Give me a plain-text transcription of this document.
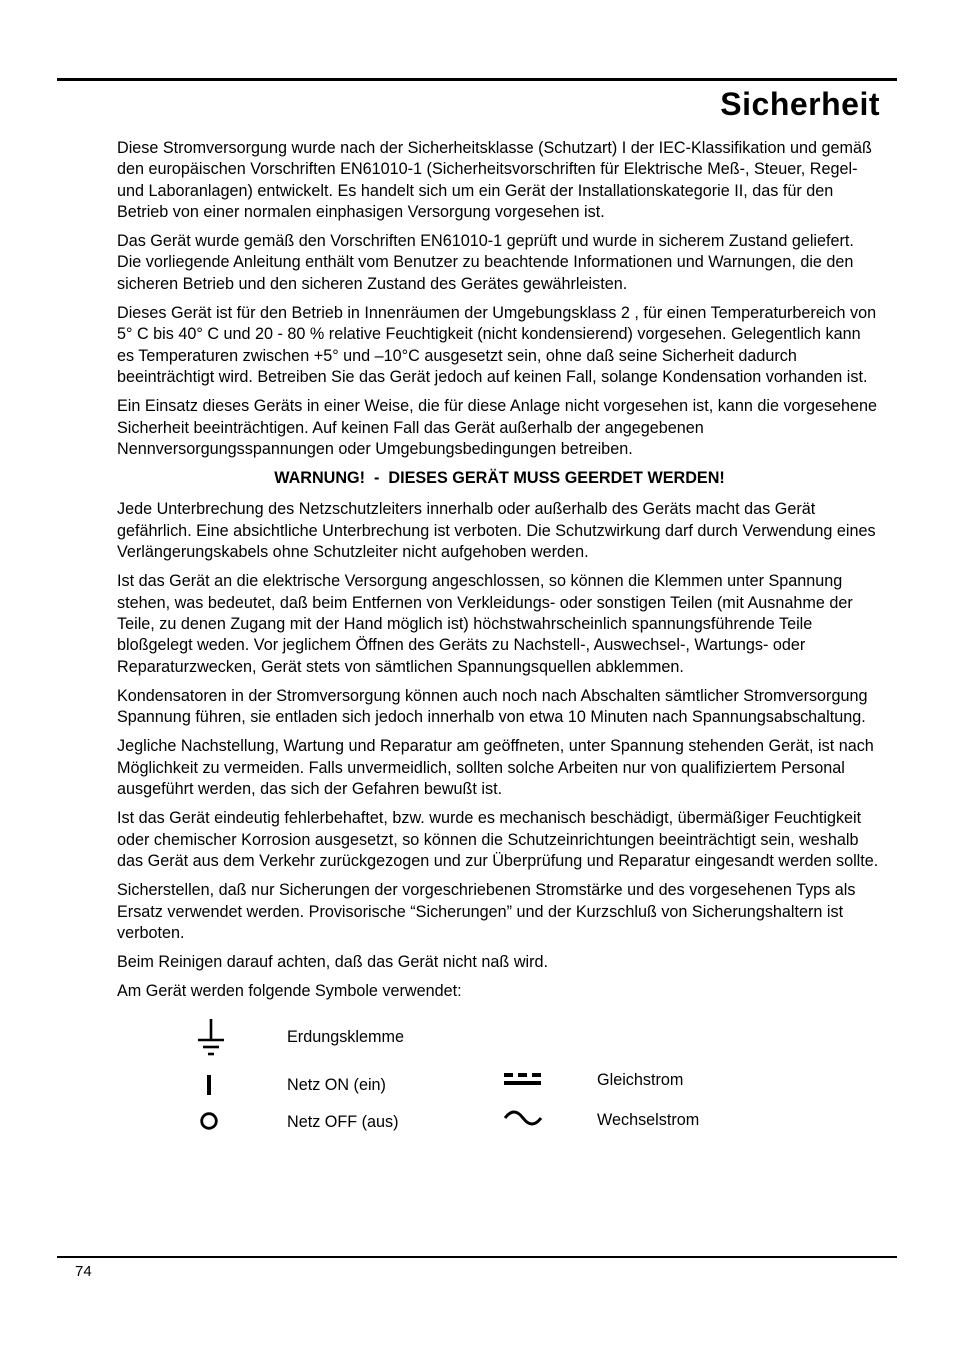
Sicherheit

Diese Stromversorgung wurde nach der Sicherheitsklasse (Schutzart) I der IEC-Klassifikation und gemäß den europäischen Vorschriften EN61010-1 (Sicherheitsvorschriften für Elektrische Meß-, Steuer, Regel- und Laboranlagen) entwickelt. Es handelt sich um ein Gerät der Installationskategorie II, das für den Betrieb von einer normalen einphasigen Versorgung vorgesehen ist.

Das Gerät wurde gemäß den Vorschriften EN61010-1 geprüft und wurde in sicherem Zustand geliefert. Die vorliegende Anleitung enthält vom Benutzer zu beachtende Informationen und Warnungen, die den sicheren Betrieb und den sicheren Zustand des Gerätes gewährleisten.

Dieses Gerät ist für den Betrieb in Innenräumen der Umgebungsklass 2 , für einen Temperaturbereich von 5° C bis 40° C und 20 - 80 % relative Feuchtigkeit (nicht kondensierend) vorgesehen. Gelegentlich kann es Temperaturen zwischen +5° und –10°C ausgesetzt sein, ohne daß seine Sicherheit dadurch beeinträchtigt wird. Betreiben Sie das Gerät jedoch auf keinen Fall, solange Kondensation vorhanden ist.

Ein Einsatz dieses Geräts in einer Weise, die für diese Anlage nicht vorgesehen ist, kann die vorgesehene Sicherheit beeinträchtigen. Auf keinen Fall das Gerät außerhalb der angegebenen Nennversorgungsspannungen oder Umgebungsbedingungen betreiben.

WARNUNG!  -  DIESES GERÄT MUSS GEERDET WERDEN!

Jede Unterbrechung des Netzschutzleiters innerhalb oder außerhalb des Geräts macht das Gerät gefährlich. Eine absichtliche Unterbrechung ist verboten. Die Schutzwirkung darf durch Verwendung eines Verlängerungskabels ohne Schutzleiter nicht aufgehoben werden.

Ist das Gerät an die elektrische Versorgung angeschlossen, so können die Klemmen unter Spannung stehen, was bedeutet, daß beim Entfernen von Verkleidungs- oder sonstigen Teilen (mit Ausnahme der Teile, zu denen Zugang mit der Hand möglich ist) höchstwahrscheinlich spannungsführende Teile bloßgelegt weden. Vor jeglichem Öffnen des Geräts zu Nachstell-, Auswechsel-, Wartungs- oder Reparaturzwecken, Gerät stets von sämtlichen Spannungsquellen abklemmen.

Kondensatoren in der Stromversorgung können auch noch nach Abschalten sämtlicher Stromversorgung Spannung führen, sie entladen sich jedoch innerhalb von etwa 10 Minuten nach Spannungsabschaltung.

Jegliche Nachstellung, Wartung und Reparatur am geöffneten, unter Spannung stehenden Gerät, ist nach Möglichkeit zu vermeiden. Falls unvermeidlich, sollten solche Arbeiten nur von qualifiziertem Personal ausgeführt werden, das sich der Gefahren bewußt ist.

Ist das Gerät eindeutig fehlerbehaftet, bzw. wurde es mechanisch beschädigt, übermäßiger Feuchtigkeit oder chemischer Korrosion ausgesetzt, so können die Schutzeinrichtungen beeinträchtigt sein, weshalb das Gerät aus dem Verkehr zurückgezogen und zur Überprüfung und Reparatur eingesandt werden sollte.

Sicherstellen, daß nur Sicherungen der vorgeschriebenen Stromstärke und des vorgesehenen Typs als Ersatz verwendet werden. Provisorische “Sicherungen” und der Kurzschluß von Sicherungshaltern ist verboten.

Beim Reinigen darauf achten, daß das Gerät nicht naß wird.

Am Gerät werden folgende Symbole verwendet:

Erdungsklemme
Netz ON (ein)
Netz OFF (aus)
Gleichstrom
Wechselstrom
74
